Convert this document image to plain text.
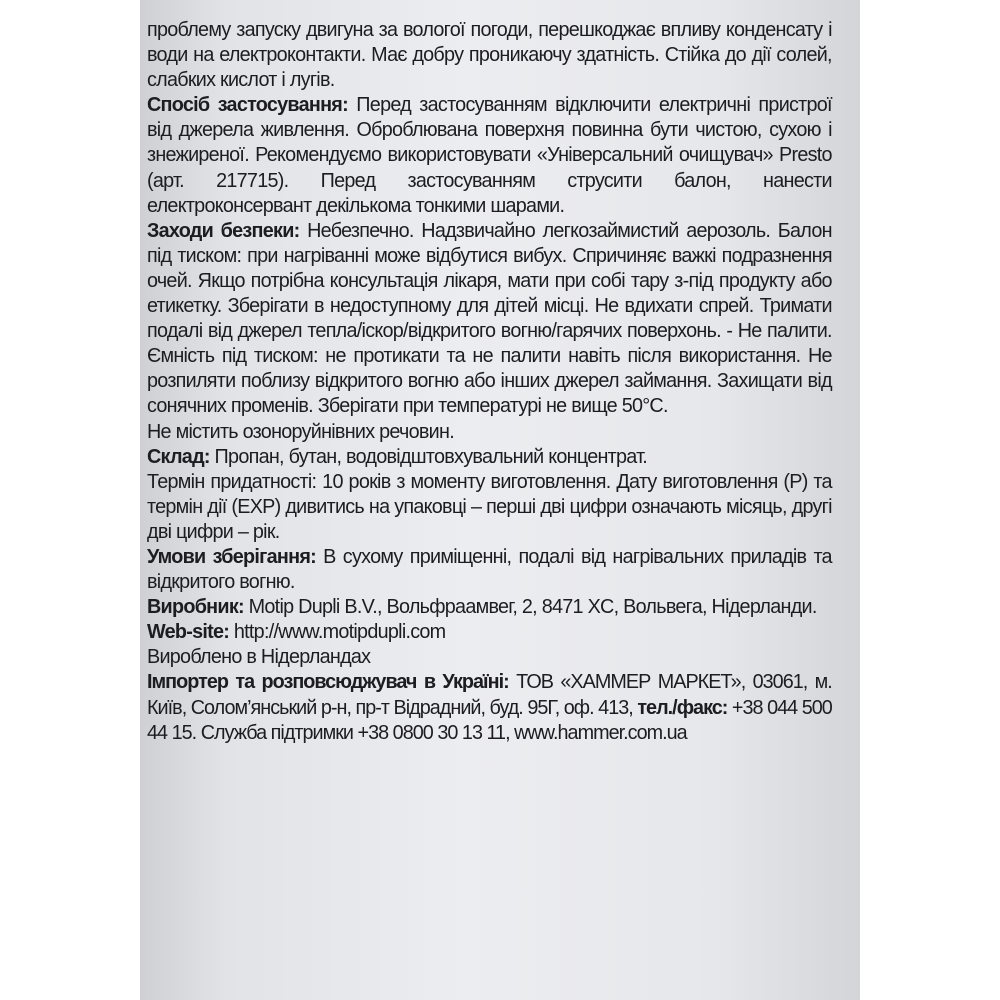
проблему запуску двигуна за вологої погоди, перешкоджає впливу конденсату і води на електроконтакти. Має добру проникаючу здатність. Стійка до дії солей, слабких кислот і лугів.

Спосіб застосування: Перед застосуванням відключити електричні пристрої від джерела живлення. Оброблювана поверхня повинна бути чистою, сухою і знежиреної. Рекомендуємо використовувати «Універсальний очищувач» Presto (арт. 217715). Перед застосуванням струсити балон, нанести електроконсервант декількома тонкими шарами.

Заходи безпеки: Небезпечно. Надзвичайно легкозаймистий аерозоль. Балон під тиском: при нагріванні може відбутися вибух. Спричиняє важкі подразнення очей. Якщо потрібна консультація лікаря, мати при собі тару з-під продукту або етикетку. Зберігати в недоступному для дітей місці. Не вдихати спрей. Тримати подалі від джерел тепла/іскор/відкритого вогню/гарячих поверхонь. - Не палити. Ємність під тиском: не протикати та не палити навіть після використання. Не розпиляти поблизу відкритого вогню або інших джерел займання. Захищати від сонячних променів. Зберігати при температурі не вище 50°C.

Не містить озоноруйнівних речовин.

Склад: Пропан, бутан, водовідштовхувальний концентрат.

Термін придатності: 10 років з моменту виготовлення. Дату виготовлення (P) та термін дії (EXP) дивитись на упаковці – перші дві цифри означають місяць, другі дві цифри – рік.

Умови зберігання: В сухому приміщенні, подалі від нагрівальних приладів та відкритого вогню.

Виробник: Motip Dupli B.V., Вольфраамвег, 2, 8471 XC, Вольвега, Нідерланди.

Web-site: http://www.motipdupli.com

Вироблено в Нідерландах

Імпортер та розповсюджувач в Україні: ТОВ «ХАММЕР МАРКЕТ», 03061, м. Київ, Солом’янський р-н, пр-т Відрадний, буд. 95Г, оф. 413, тел./факс: +38 044 500 44 15. Служба підтримки +38 0800 30 13 11, www.hammer.com.ua
